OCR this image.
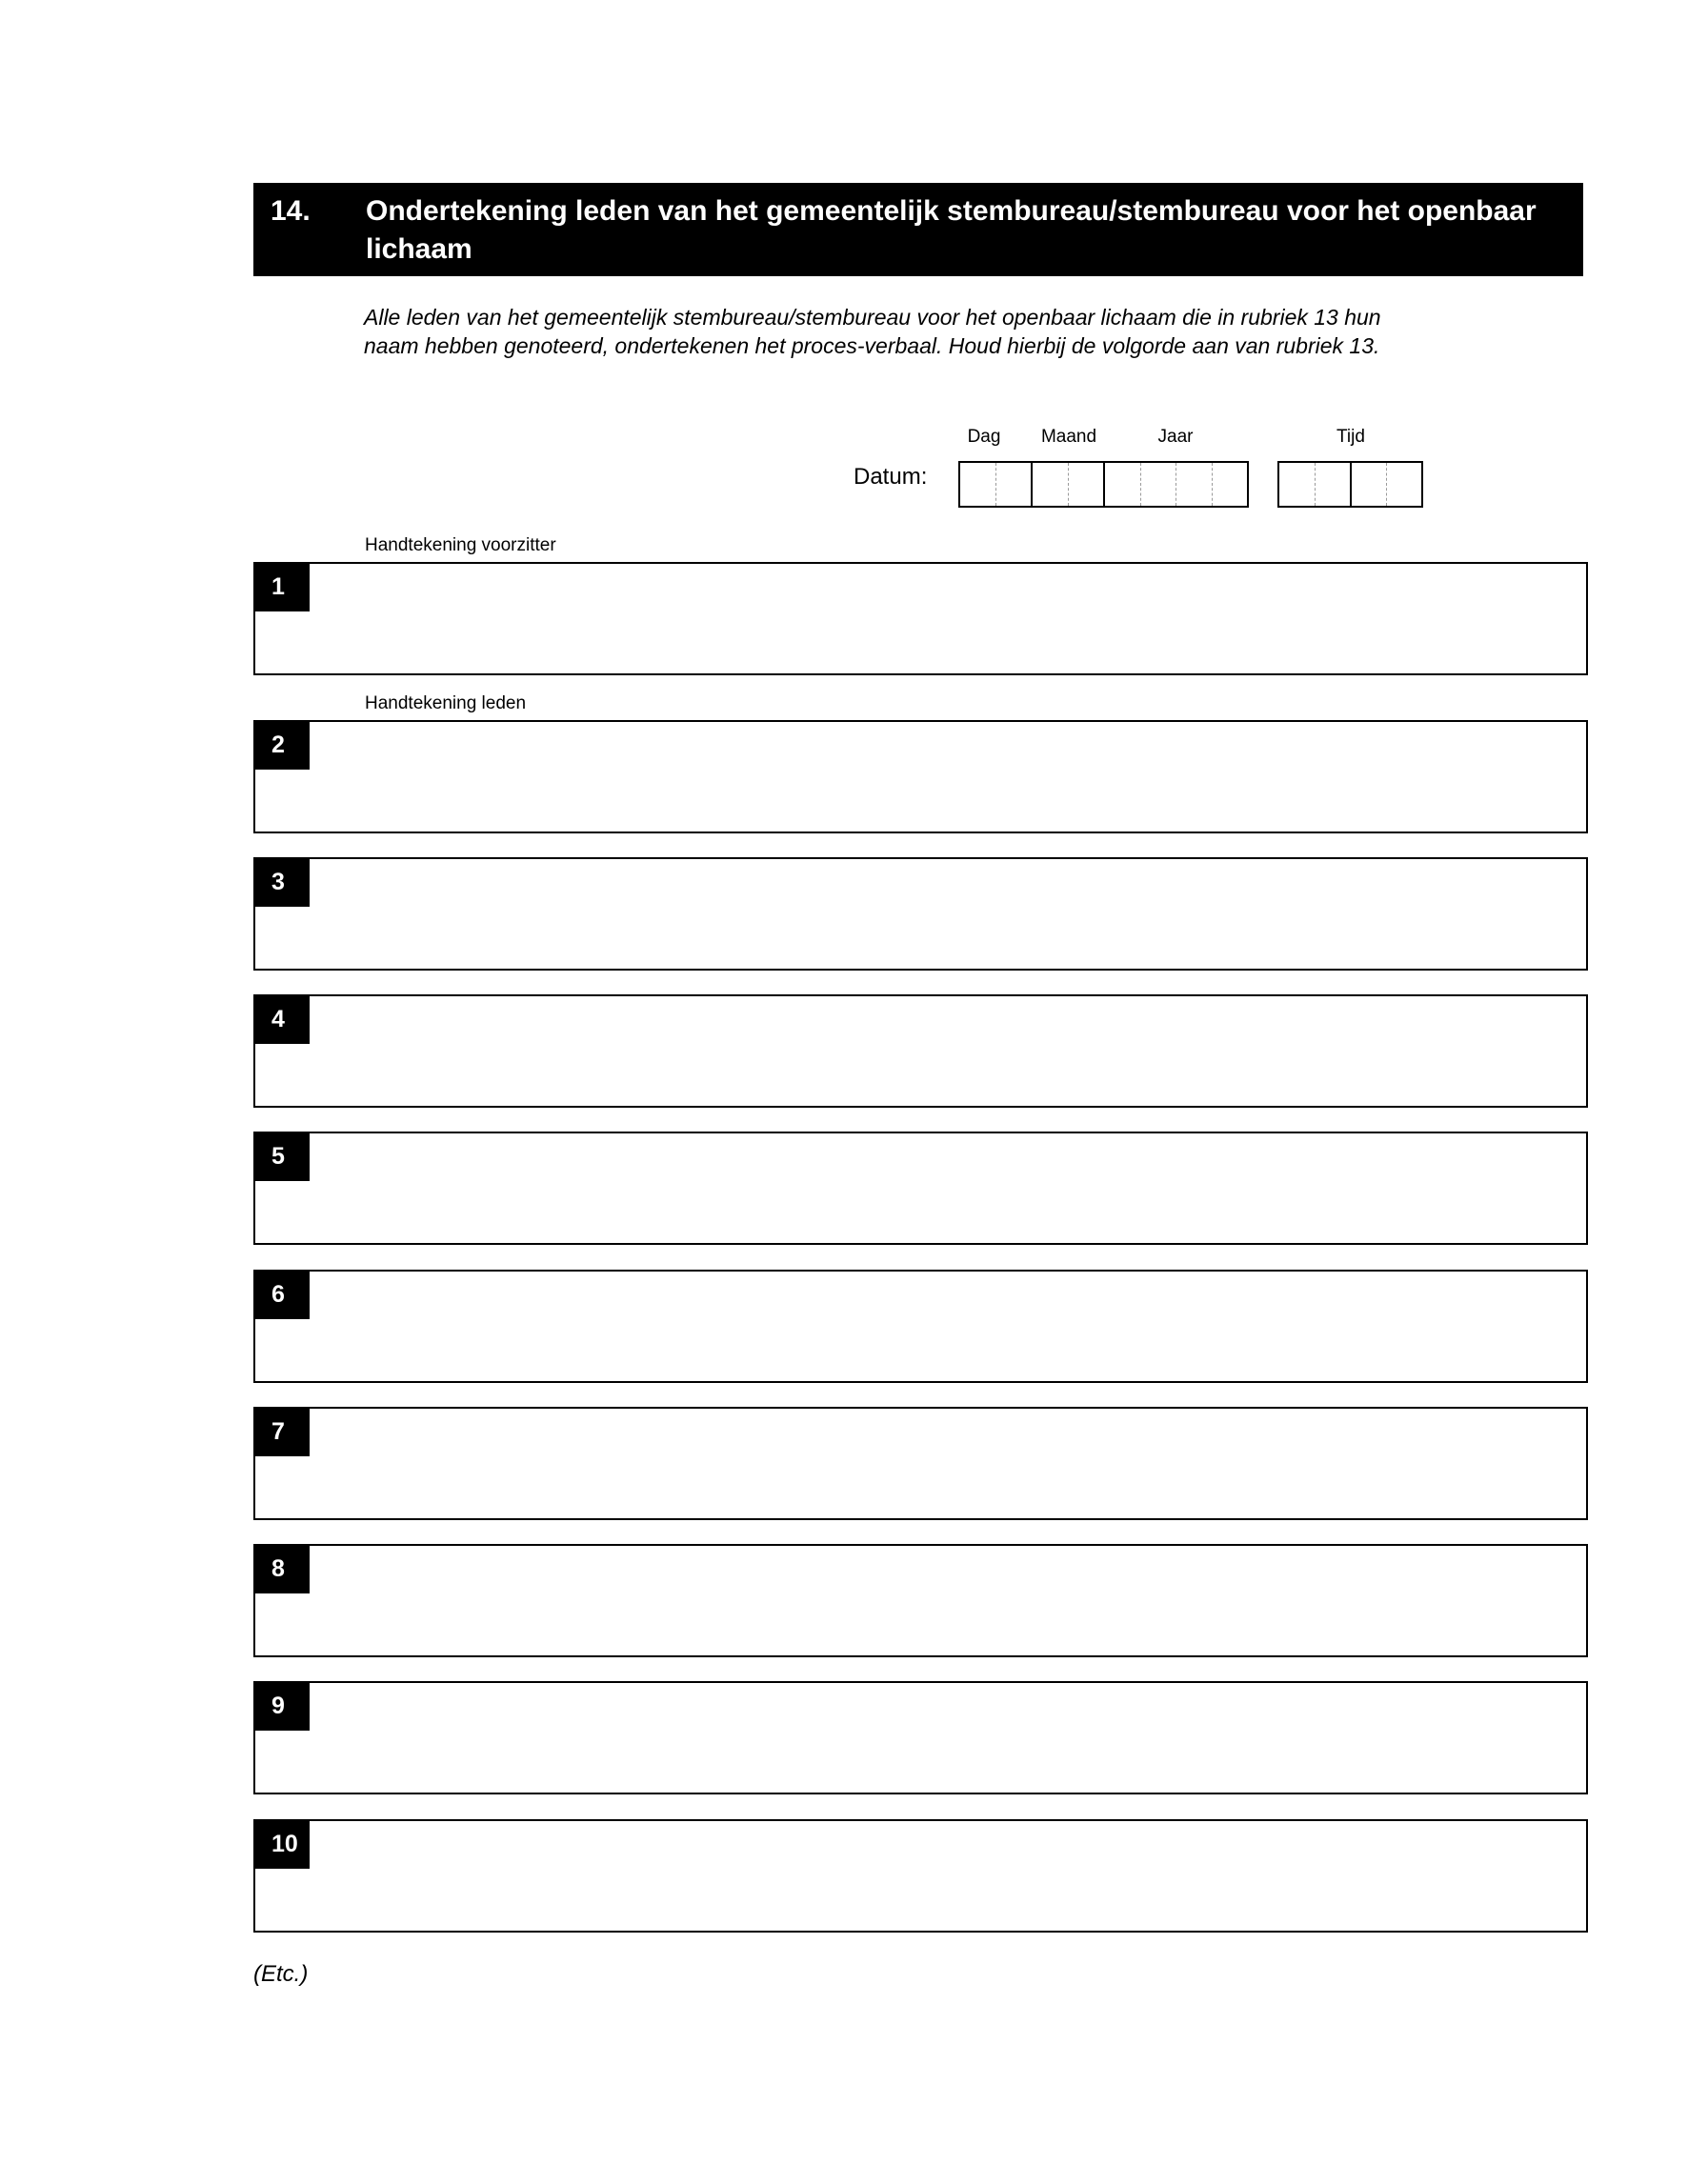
14. Ondertekening leden van het gemeentelijk stembureau/stembureau voor het openbaar lichaam
Alle leden van het gemeentelijk stembureau/stembureau voor het openbaar lichaam die in rubriek 13 hun naam hebben genoteerd, ondertekenen het proces-verbaal. Houd hierbij de volgorde aan van rubriek 13.
Dag	Maand	Jaar	Tijd
Datum:
Handtekening voorzitter
Handtekening leden
1
2
3
4
5
6
7
8
9
10
(Etc.)
